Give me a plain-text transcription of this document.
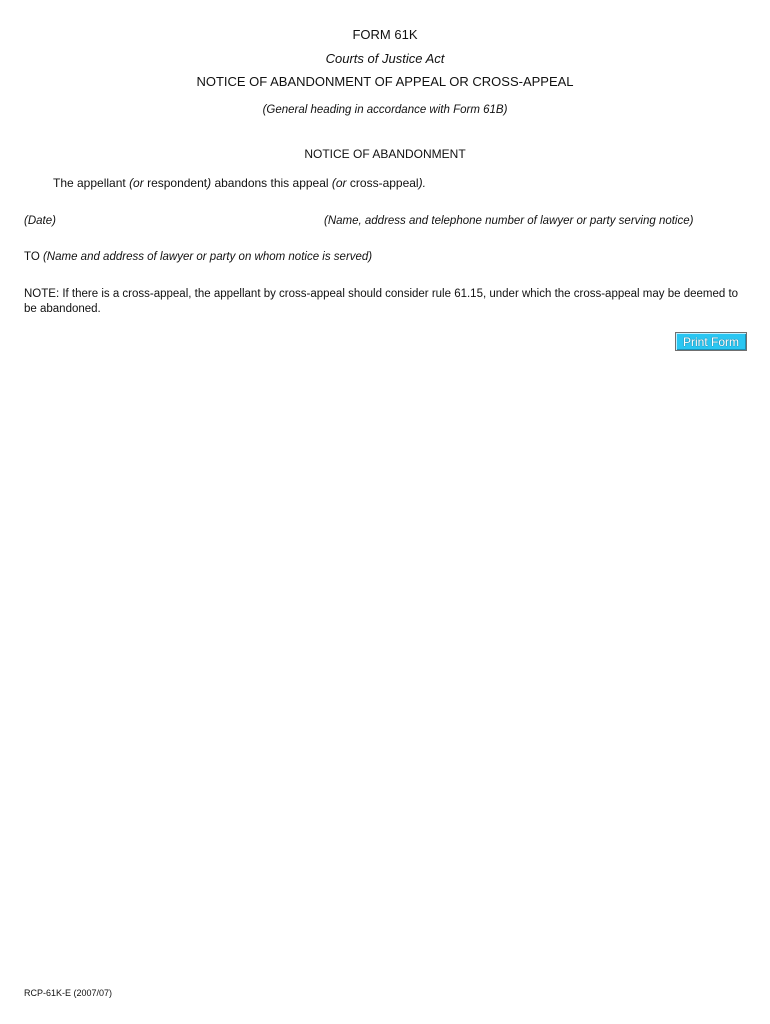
FORM 61K
Courts of Justice Act
NOTICE OF ABANDONMENT OF APPEAL OR CROSS-APPEAL
(General heading in accordance with Form 61B)
NOTICE OF ABANDONMENT
The appellant (or respondent) abandons this appeal (or cross-appeal).
(Date)	(Name, address and telephone number of lawyer or party serving notice)
TO (Name and address of lawyer or party on whom notice is served)
NOTE: If there is a cross-appeal, the appellant by cross-appeal should consider rule 61.15, under which the cross-appeal may be deemed to be abandoned.
Print Form
RCP-61K-E (2007/07)
